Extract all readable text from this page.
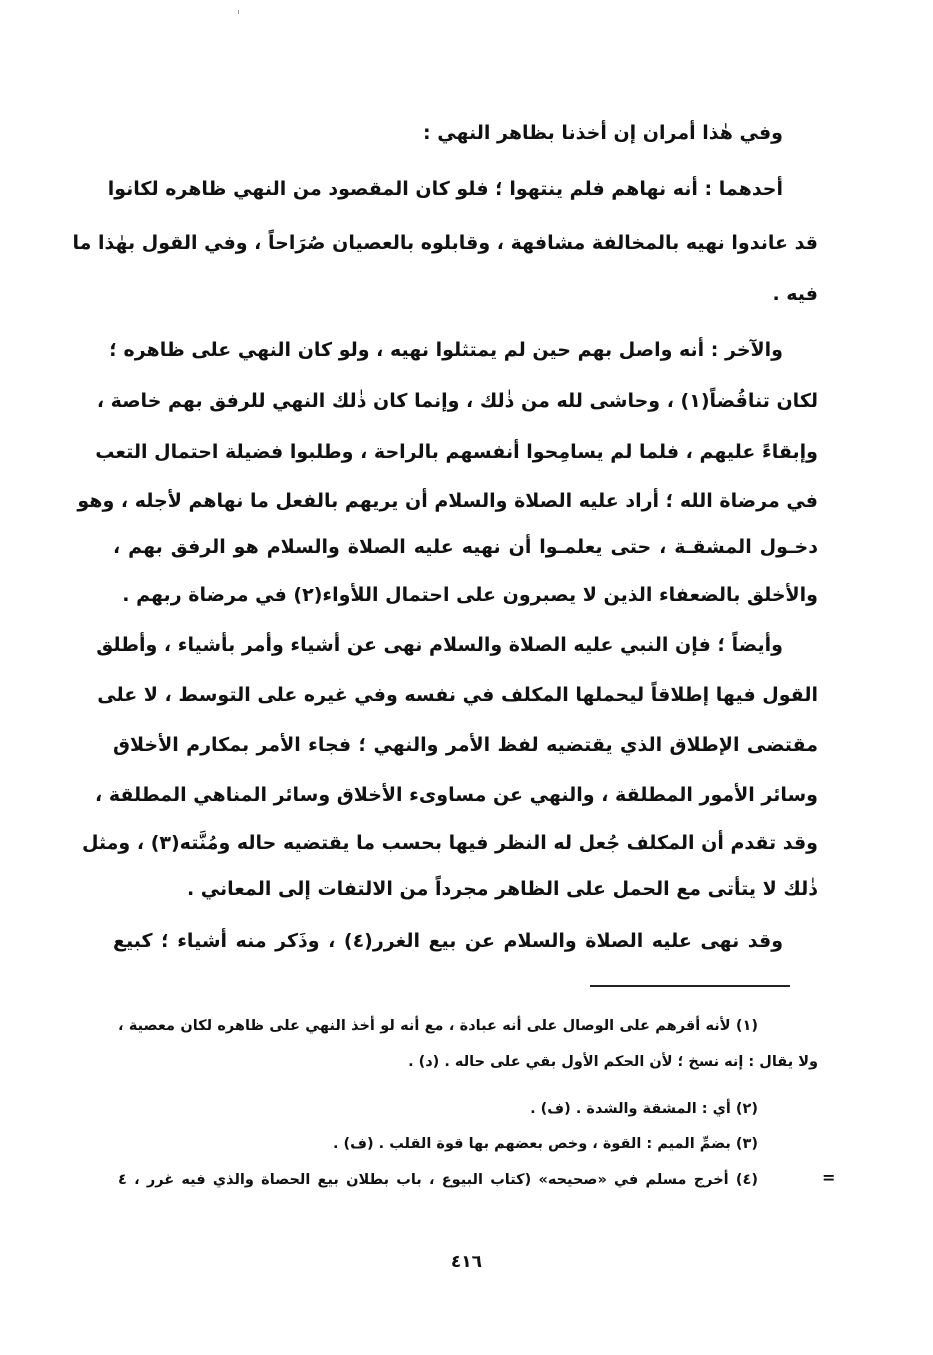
وفي هٰذا أمران إن أخذنا بظاهر النهي :
أحدهما : أنه نهاهم فلم ينتهوا ؛ فلو كان المقصود من النهي ظاهره لكانوا
قد عاندوا نهيه بالمخالفة مشافهة ، وقابلوه بالعصيان صُرَاحاً ، وفي القول بهٰذا ما
فيه .
والآخر : أنه واصل بهم حين لم يمتثلوا نهيه ، ولو كان النهي على ظاهره ؛
لكان تناقُضاً(١) ، وحاشى لله من ذٰلك ، وإنما كان ذٰلك النهي للرفق بهم خاصة ،
وإبقاءً عليهم ، فلما لم يسامِحوا أنفسهم بالراحة ، وطلبوا فضيلة احتمال التعب
في مرضاة الله ؛ أراد عليه الصلاة والسلام أن يريهم بالفعل ما نهاهم لأجله ، وهو
دخـول المشقـة ، حتى يعلمـوا أن نهيه عليه الصلاة والسلام هو الرفق بهم ،
والأخلق بالضعفاء الذين لا يصبرون على احتمال اللأواء(٢) في مرضاة ربهم .
وأيضاً ؛ فإن النبي عليه الصلاة والسلام نهى عن أشياء وأمر بأشياء ، وأطلق
القول فيها إطلاقاً ليحملها المكلف في نفسه وفي غيره على التوسط ، لا على
مقتضى الإطلاق الذي يقتضيه لفظ الأمر والنهي ؛ فجاء الأمر بمكارم الأخلاق
وسائر الأمور المطلقة ، والنهي عن مساوىء الأخلاق وسائر المناهي المطلقة ،
وقد تقدم أن المكلف جُعل له النظر فيها بحسب ما يقتضيه حاله ومُنَّته(٣) ، ومثل
ذٰلك لا يتأتى مع الحمل على الظاهر مجرداً من الالتفات إلى المعاني .
وقد نهى عليه الصلاة والسلام عن بيع الغرر(٤) ، وذَكر منه أشياء ؛ كبيع
(١) لأنه أقرهم على الوصال على أنه عبادة ، مع أنه لو أخذ النهي على ظاهره لكان معصية ،
ولا يقال : إنه نسخ ؛ لأن الحكم الأول بقي على حاله . (د) .
(٢) أي : المشقة والشدة . (ف) .
(٣) بضمِّ الميم : القوة ، وخص بعضهم بها قوة القلب . (ف) .
(٤) أخرج مسلم في «صحيحه» (كتاب البيوع ، باب بطلان بيع الحصاة والذي فيه غرر ، ٤	=
٤١٦
